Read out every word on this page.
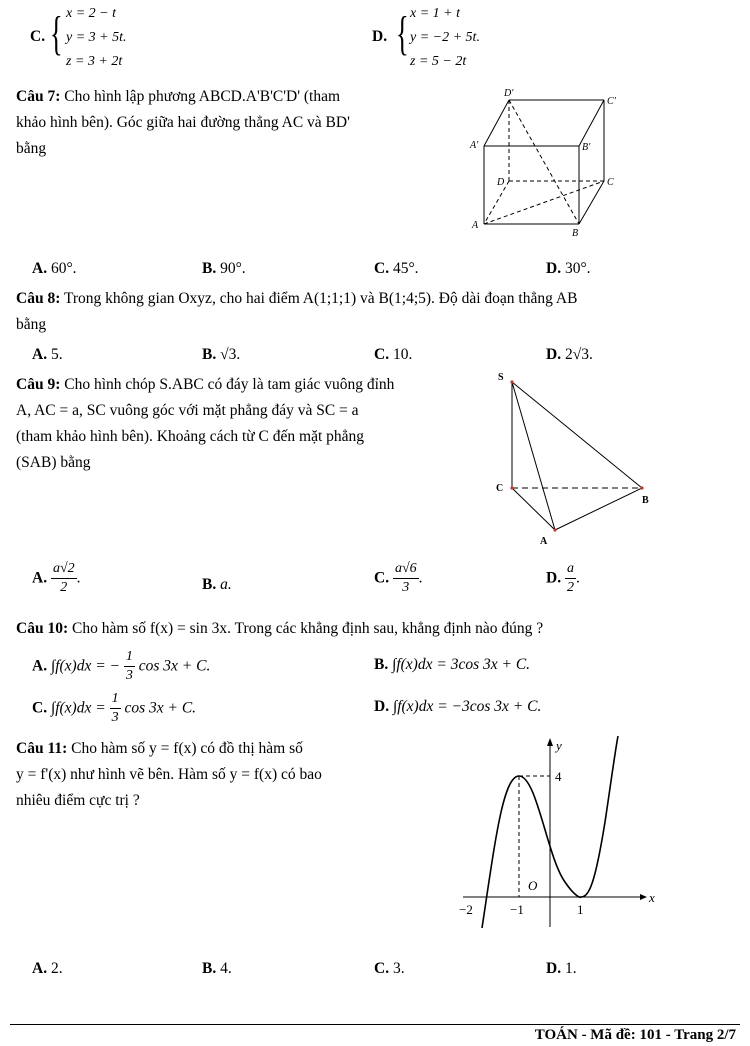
C. { x = 2 − t
y = 3 + 5t.
z = 3 + 2t
D. { x = 1 + t
y = −2 + 5t.
z = 5 − 2t
Câu 7: Cho hình lập phương ABCD.A'B'C'D' (tham
khảo hình bên). Góc giữa hai đường thẳng AC và BD'
bằng
D'
C'
A'	B'
D	C
A
B
A. 60°.	B. 90°.	C. 45°.	D. 30°.
Câu 8: Trong không gian Oxyz, cho hai điểm A(1;1;1) và B(1;4;5). Độ dài đoạn thẳng AB
bằng
A. 5.	B. √3.	C. 10.	D. 2√3.
Câu 9: Cho hình chóp S.ABC có đáy là tam giác vuông đỉnh
A, AC = a, SC vuông góc với mặt phẳng đáy và SC = a
(tham khảo hình bên). Khoảng cách từ C đến mặt phẳng
(SAB) bằng
S
C
B
A
A. $\frac{a√2}{2}$ .	B. a.	C. $\frac{a√6}{3}$ .	D. $\frac{a}{2}$ .
Câu 10: Cho hàm số f(x) = sin 3x. Trong các khẳng định sau, khẳng định nào đúng ?
A. ∫f(x)dx = − $\frac{1}{3}$ cos 3x + C.	B. ∫f(x)dx = 3cos 3x + C.
C. $\int f(x)dx = \frac{1}{3}$ cos 3x + C.	D. ∫f(x)dx = −3cos 3x + C.
Câu 11: Cho hàm số y = f(x) có đồ thị hàm số
y = f'(x) như hình vẽ bên. Hàm số y = f(x) có bao
nhiêu điểm cực trị ?
y
x
O
4
−2	−1	1
A. 2.	B. 4.	C. 3.	D. 1.
TOÁN - Mã đề: 101 - Trang 2/7
